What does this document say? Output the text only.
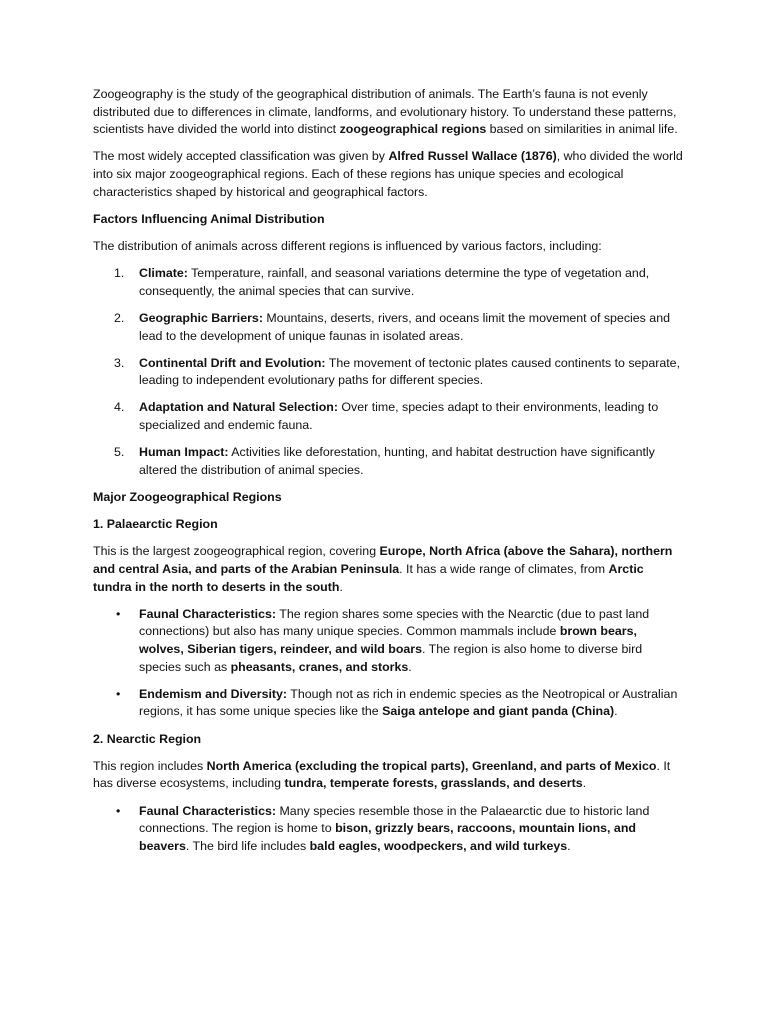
Zoogeography is the study of the geographical distribution of animals. The Earth’s fauna is not evenly distributed due to differences in climate, landforms, and evolutionary history. To understand these patterns, scientists have divided the world into distinct zoogeographical regions based on similarities in animal life.

The most widely accepted classification was given by Alfred Russel Wallace (1876), who divided the world into six major zoogeographical regions. Each of these regions has unique species and ecological characteristics shaped by historical and geographical factors.

Factors Influencing Animal Distribution

The distribution of animals across different regions is influenced by various factors, including:

1. Climate: Temperature, rainfall, and seasonal variations determine the type of vegetation and, consequently, the animal species that can survive.
2. Geographic Barriers: Mountains, deserts, rivers, and oceans limit the movement of species and lead to the development of unique faunas in isolated areas.
3. Continental Drift and Evolution: The movement of tectonic plates caused continents to separate, leading to independent evolutionary paths for different species.
4. Adaptation and Natural Selection: Over time, species adapt to their environments, leading to specialized and endemic fauna.
5. Human Impact: Activities like deforestation, hunting, and habitat destruction have significantly altered the distribution of animal species.
Major Zoogeographical Regions
1. Palaearctic Region

This is the largest zoogeographical region, covering Europe, North Africa (above the Sahara), northern and central Asia, and parts of the Arabian Peninsula. It has a wide range of climates, from Arctic tundra in the north to deserts in the south.

• Faunal Characteristics: The region shares some species with the Nearctic (due to past land connections) but also has many unique species. Common mammals include brown bears, wolves, Siberian tigers, reindeer, and wild boars. The region is also home to diverse bird species such as pheasants, cranes, and storks.
• Endemism and Diversity: Though not as rich in endemic species as the Neotropical or Australian regions, it has some unique species like the Saiga antelope and giant panda (China).
2. Nearctic Region

This region includes North America (excluding the tropical parts), Greenland, and parts of Mexico. It has diverse ecosystems, including tundra, temperate forests, grasslands, and deserts.

• Faunal Characteristics: Many species resemble those in the Palaearctic due to historic land connections. The region is home to bison, grizzly bears, raccoons, mountain lions, and beavers. The bird life includes bald eagles, woodpeckers, and wild turkeys.
